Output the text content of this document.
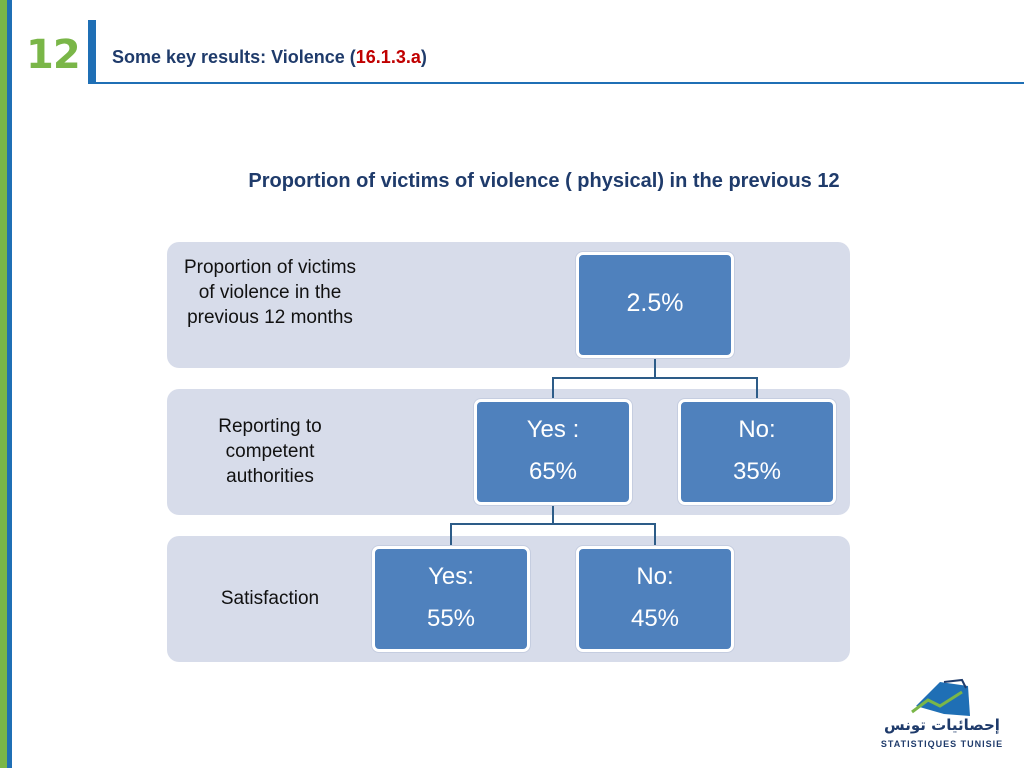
12 Some key results: Violence (16.1.3.a)
Proportion of victims of violence ( physical) in the previous 12
Proportion of victims of violence in the previous 12 months
Reporting to competent authorities
Satisfaction
2.5%
Yes :
65%
No:
35%
Yes:
55%
No:
45%
إحصائيات تونس
STATISTIQUES TUNISIE
